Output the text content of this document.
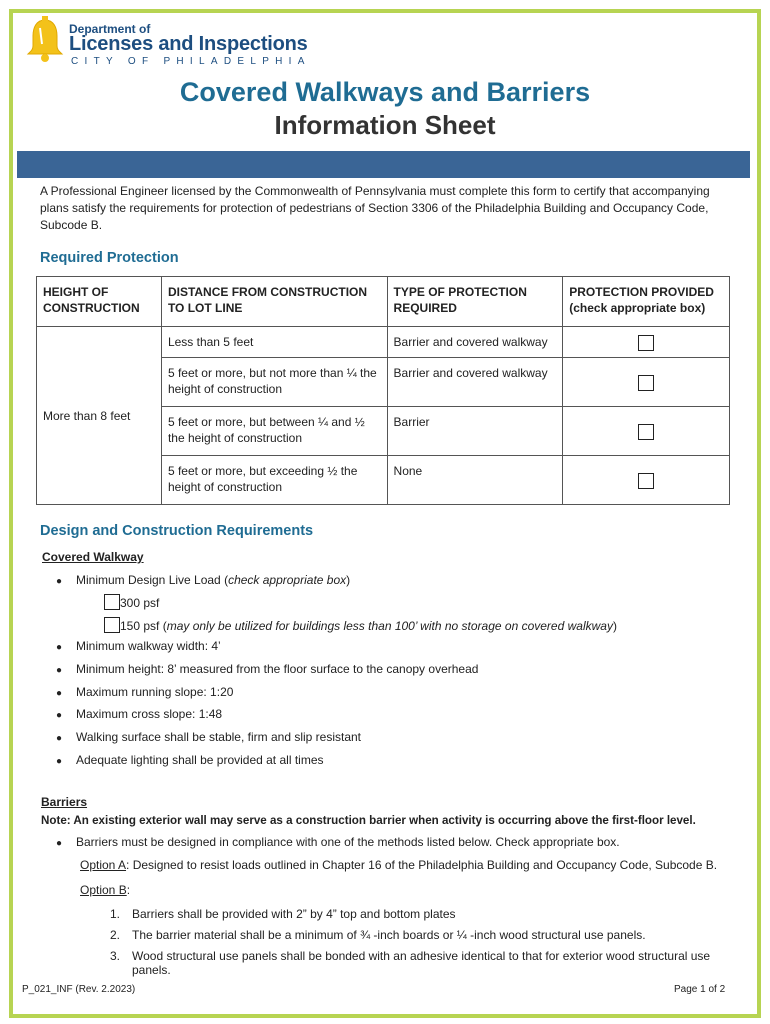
Department of
Licenses and Inspections
CITY OF PHILADELPHIA
Covered Walkways and Barriers
Information Sheet
A Professional Engineer licensed by the Commonwealth of Pennsylvania must complete this form to certify that accompanying plans satisfy the requirements for protection of pedestrians of Section 3306 of the Philadelphia Building and Occupancy Code, Subcode B.
Required Protection
HEIGHT OF CONSTRUCTION	DISTANCE FROM CONSTRUCTION TO LOT LINE	TYPE OF PROTECTION REQUIRED	PROTECTION PROVIDED (check appropriate box)
More than 8 feet	Less than 5 feet	Barrier and covered walkway	

	5 feet or more, but not more than ¼ the height of construction	Barrier and covered walkway	

	5 feet or more, but between ¼ and ½ the height of construction	Barrier	

	5 feet or more, but exceeding ½ the height of construction	None	
Design and Construction Requirements
Covered Walkway
● Minimum Design Live Load (check appropriate box)
300 psf
150 psf (may only be utilized for buildings less than 100’ with no storage on covered walkway)
● Minimum walkway width: 4’
● Minimum height: 8’ measured from the floor surface to the canopy overhead
● Maximum running slope: 1:20
● Maximum cross slope: 1:48
● Walking surface shall be stable, firm and slip resistant
● Adequate lighting shall be provided at all times
Barriers
Note: An existing exterior wall may serve as a construction barrier when activity is occurring above the first-floor level.
● Barriers must be designed in compliance with one of the methods listed below. Check appropriate box.
Option A: Designed to resist loads outlined in Chapter 16 of the Philadelphia Building and Occupancy Code, Subcode B.
Option B:
1. Barriers shall be provided with 2” by 4” top and bottom plates
2. The barrier material shall be a minimum of ¾ -inch boards or ¼ -inch wood structural use panels.
3. Wood structural use panels shall be bonded with an adhesive identical to that for exterior wood structural use panels.
P_021_INF (Rev. 2.2023)	Page 1 of 2
